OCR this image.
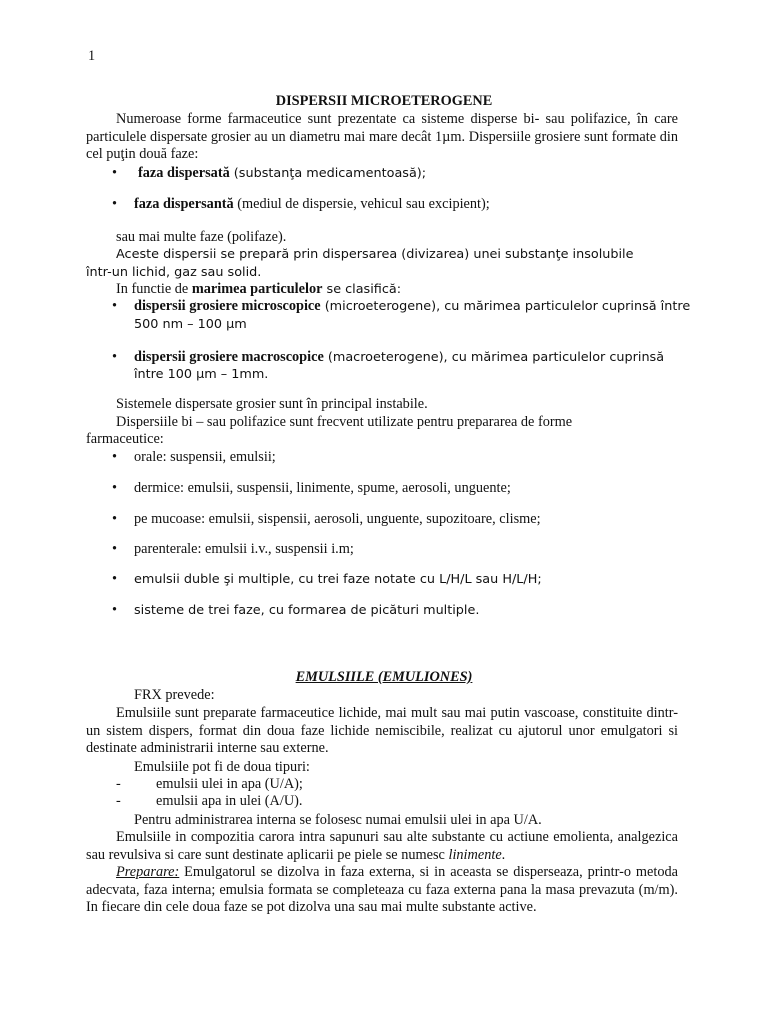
1
DISPERSII MICROETEROGENE
Numeroase forme farmaceutice sunt prezentate ca sisteme disperse bi- sau polifazice, în care particulele dispersate grosier au un diametru mai mare decât 1µm. Dispersiile grosiere sunt formate din cel puţin două faze:
• faza dispersată (substanţa medicamentoasă);
• faza dispersantă (mediul de dispersie, vehicul sau excipient);
sau mai multe faze (polifaze).
Aceste dispersii se prepară prin dispersarea (divizarea) unei substanţe insolubile într-un lichid, gaz sau solid.
In functie de marimea particulelor se clasifică:
• dispersii grosiere microscopice (microeterogene), cu mărimea particulelor cuprinsă între
500 nm – 100 µm
• dispersii grosiere macroscopice (macroeterogene), cu mărimea particulelor cuprinsă
între 100 µm – 1mm.
Sistemele dispersate grosier sunt în principal instabile.
Dispersiile bi – sau polifazice sunt frecvent utilizate pentru prepararea de forme
farmaceutice:
• orale: suspensii, emulsii;
• dermice: emulsii, suspensii, linimente, spume, aerosoli, unguente;
• pe mucoase: emulsii, sispensii, aerosoli, unguente, supozitoare, clisme;
• parenterale: emulsii i.v., suspensii i.m;
• emulsii duble şi multiple, cu trei faze notate cu L/H/L sau H/L/H;
• sisteme de trei faze, cu formarea de picături multiple.
EMULSIILE (EMULIONES)
FRX prevede:
Emulsiile sunt preparate farmaceutice lichide, mai mult sau mai putin vascoase, constituite dintr-un sistem dispers, format din doua faze lichide nemiscibile, realizat cu ajutorul unor emulgatori si destinate administrarii interne sau externe.
Emulsiile pot fi de doua tipuri:
- emulsii ulei in apa (U/A);
- emulsii apa in ulei (A/U).
Pentru administrarea interna se folosesc numai emulsii ulei in apa U/A.
Emulsiile in compozitia carora intra sapunuri sau alte substante cu actiune emolienta, analgezica sau revulsiva si care sunt destinate aplicarii pe piele se numesc linimente.
Preparare: Emulgatorul se dizolva in faza externa, si in aceasta se disperseaza, printr-o metoda adecvata, faza interna; emulsia formata se completeaza cu faza externa pana la masa prevazuta (m/m). In fiecare din cele doua faze se pot dizolva una sau mai multe substante active.
